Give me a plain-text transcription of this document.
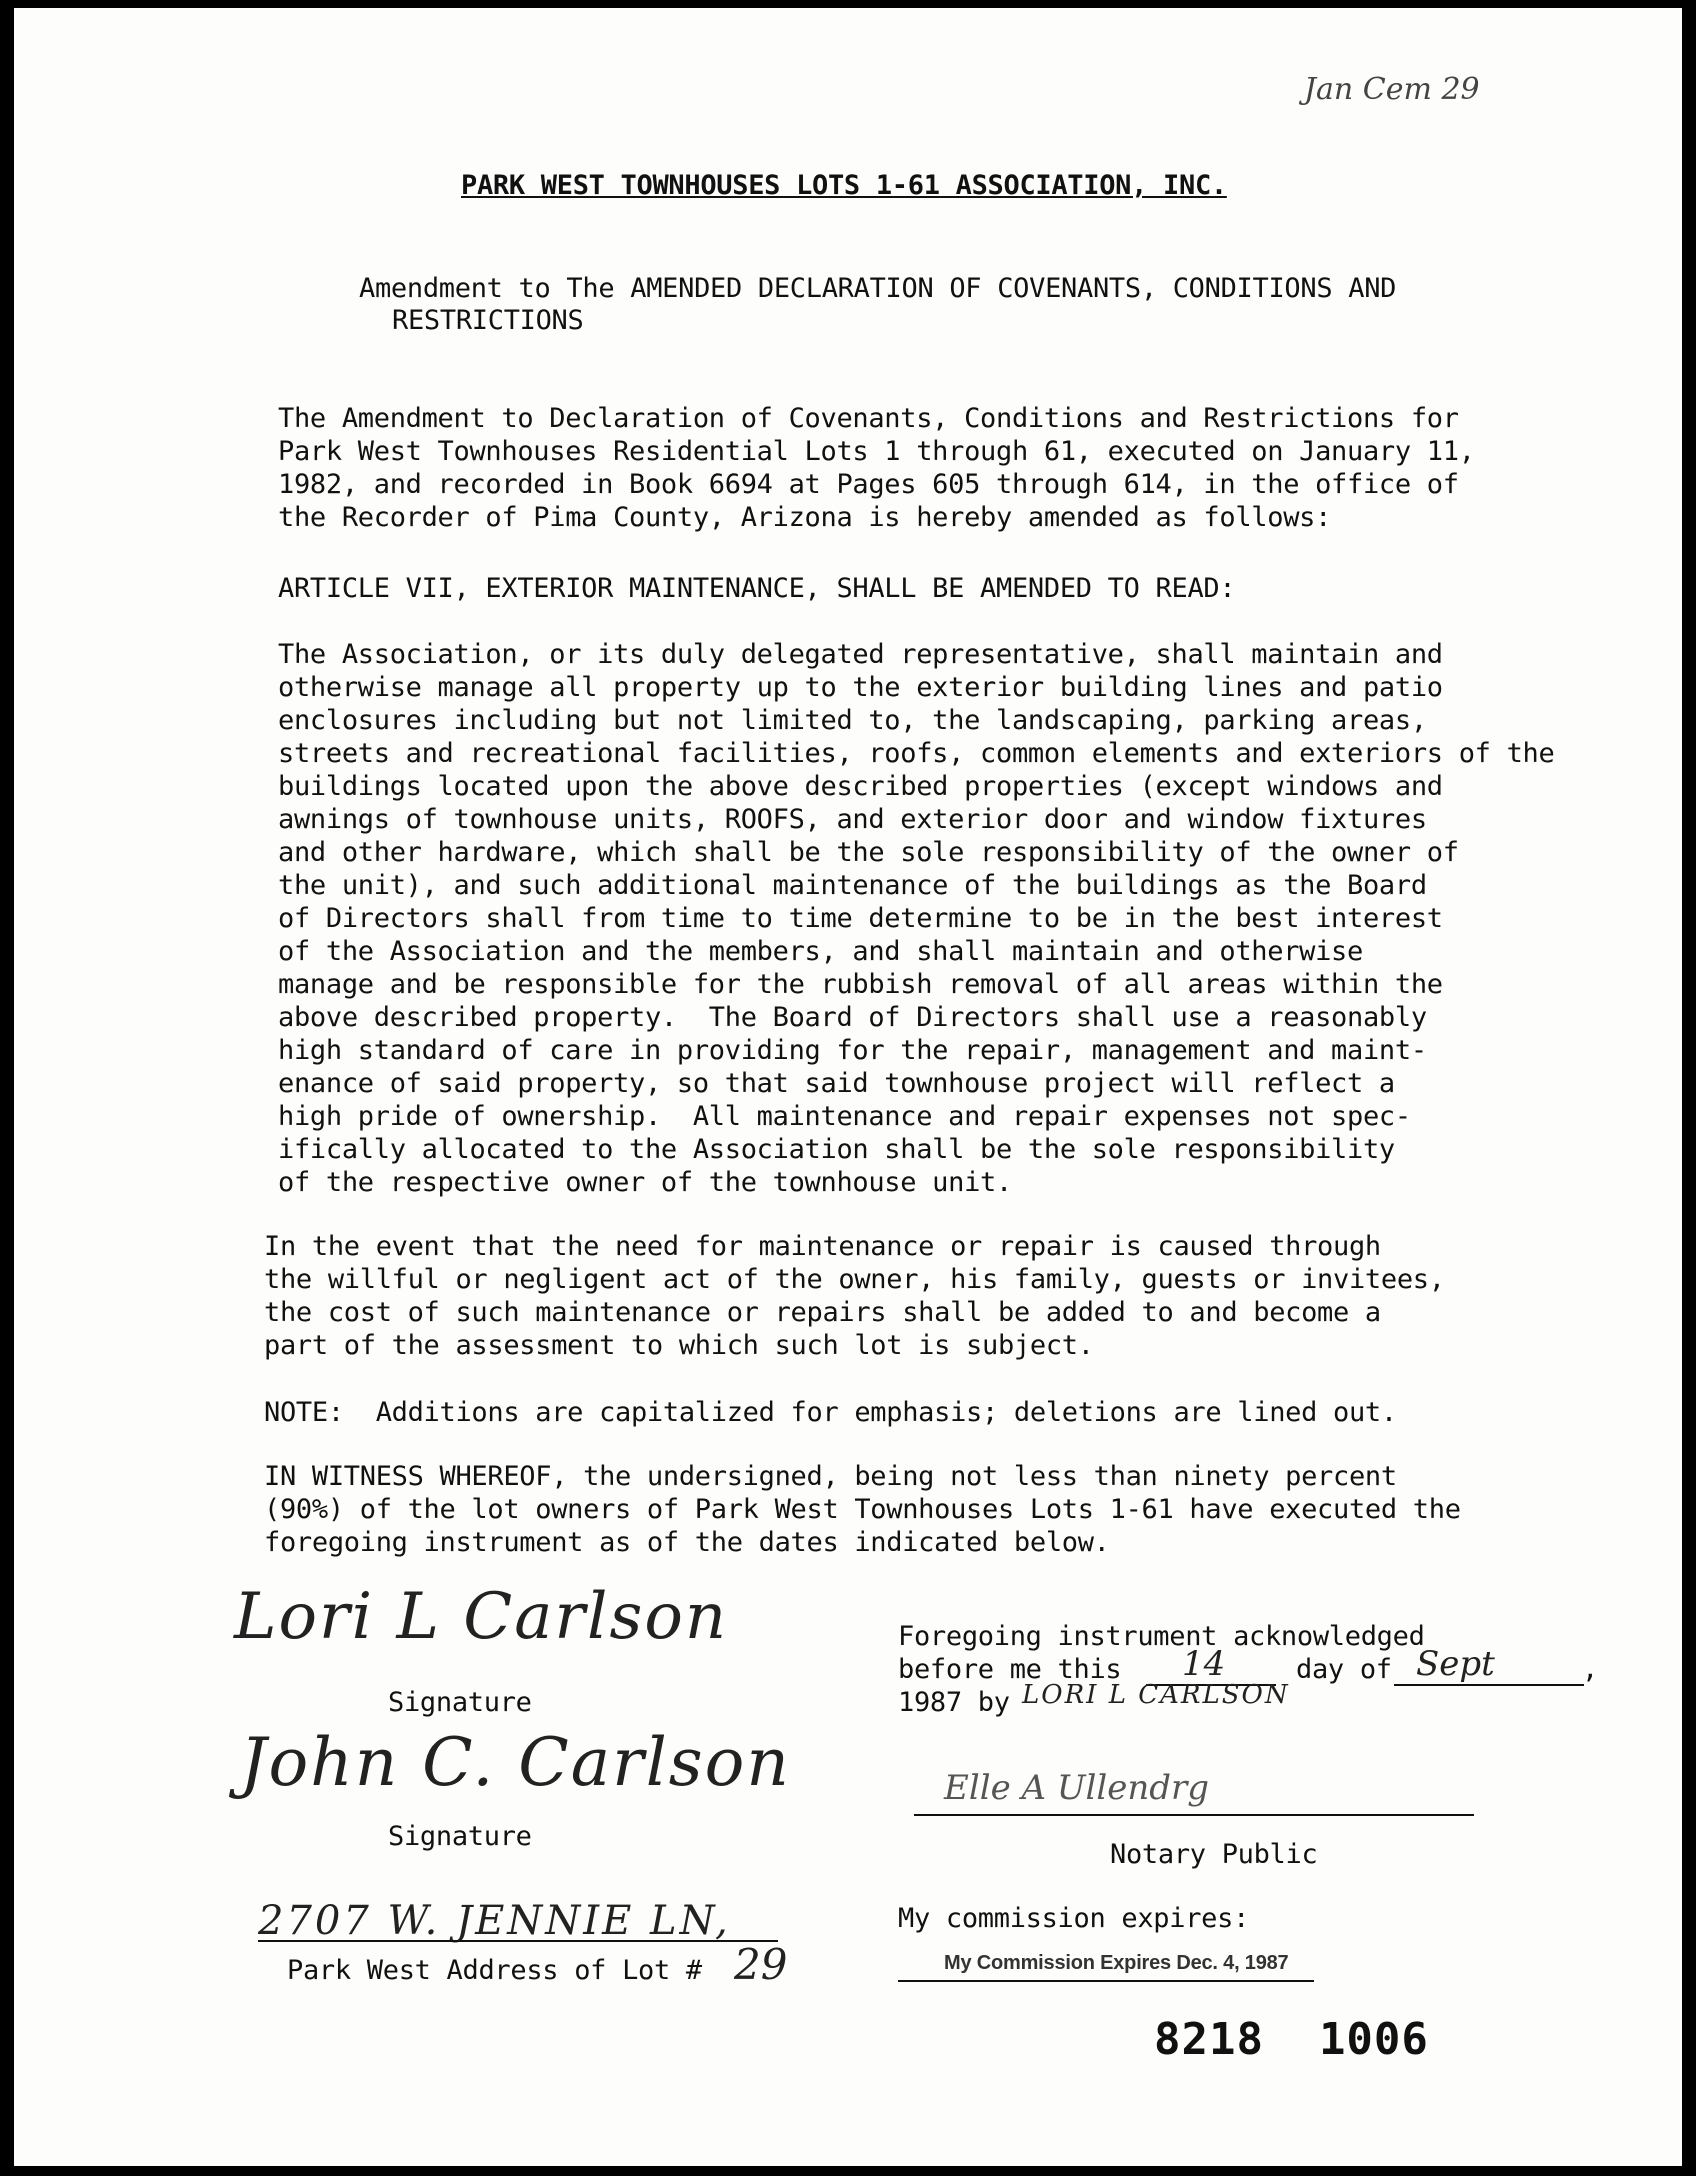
Jan Cem 29
PARK WEST TOWNHOUSES LOTS 1-61 ASSOCIATION, INC.
Amendment to The AMENDED DECLARATION OF COVENANTS, CONDITIONS AND
RESTRICTIONS
The Amendment to Declaration of Covenants, Conditions and Restrictions for
Park West Townhouses Residential Lots 1 through 61, executed on January 11,
1982, and recorded in Book 6694 at Pages 605 through 614, in the office of
the Recorder of Pima County, Arizona is hereby amended as follows:
ARTICLE VII, EXTERIOR MAINTENANCE, SHALL BE AMENDED TO READ:
The Association, or its duly delegated representative, shall maintain and
otherwise manage all property up to the exterior building lines and patio
enclosures including but not limited to, the landscaping, parking areas,
streets and recreational facilities, roofs, common elements and exteriors of the
buildings located upon the above described properties (except windows and
awnings of townhouse units, ROOFS, and exterior door and window fixtures
and other hardware, which shall be the sole responsibility of the owner of
the unit), and such additional maintenance of the buildings as the Board
of Directors shall from time to time determine to be in the best interest
of the Association and the members, and shall maintain and otherwise
manage and be responsible for the rubbish removal of all areas within the
above described property.  The Board of Directors shall use a reasonably
high standard of care in providing for the repair, management and maint-
enance of said property, so that said townhouse project will reflect a
high pride of ownership.  All maintenance and repair expenses not spec-
ifically allocated to the Association shall be the sole responsibility
of the respective owner of the townhouse unit.
In the event that the need for maintenance or repair is caused through
the willful or negligent act of the owner, his family, guests or invitees,
the cost of such maintenance or repairs shall be added to and become a
part of the assessment to which such lot is subject.
NOTE:  Additions are capitalized for emphasis; deletions are lined out.
IN WITNESS WHEREOF, the undersigned, being not less than ninety percent
(90%) of the lot owners of Park West Townhouses Lots 1-61 have executed the
foregoing instrument as of the dates indicated below.
Lori L Carlson
Signature
John C. Carlson
Signature
2707 W. JENNIE LN,
Park West Address of Lot # 29
Foregoing instrument acknowledged
before me this 14	day of Sept	,
1987 by LORI L CARLSON
Elle A Ullendrg
Notary Public
My commission expires:
My Commission Expires Dec. 4, 1987
8218  1006
